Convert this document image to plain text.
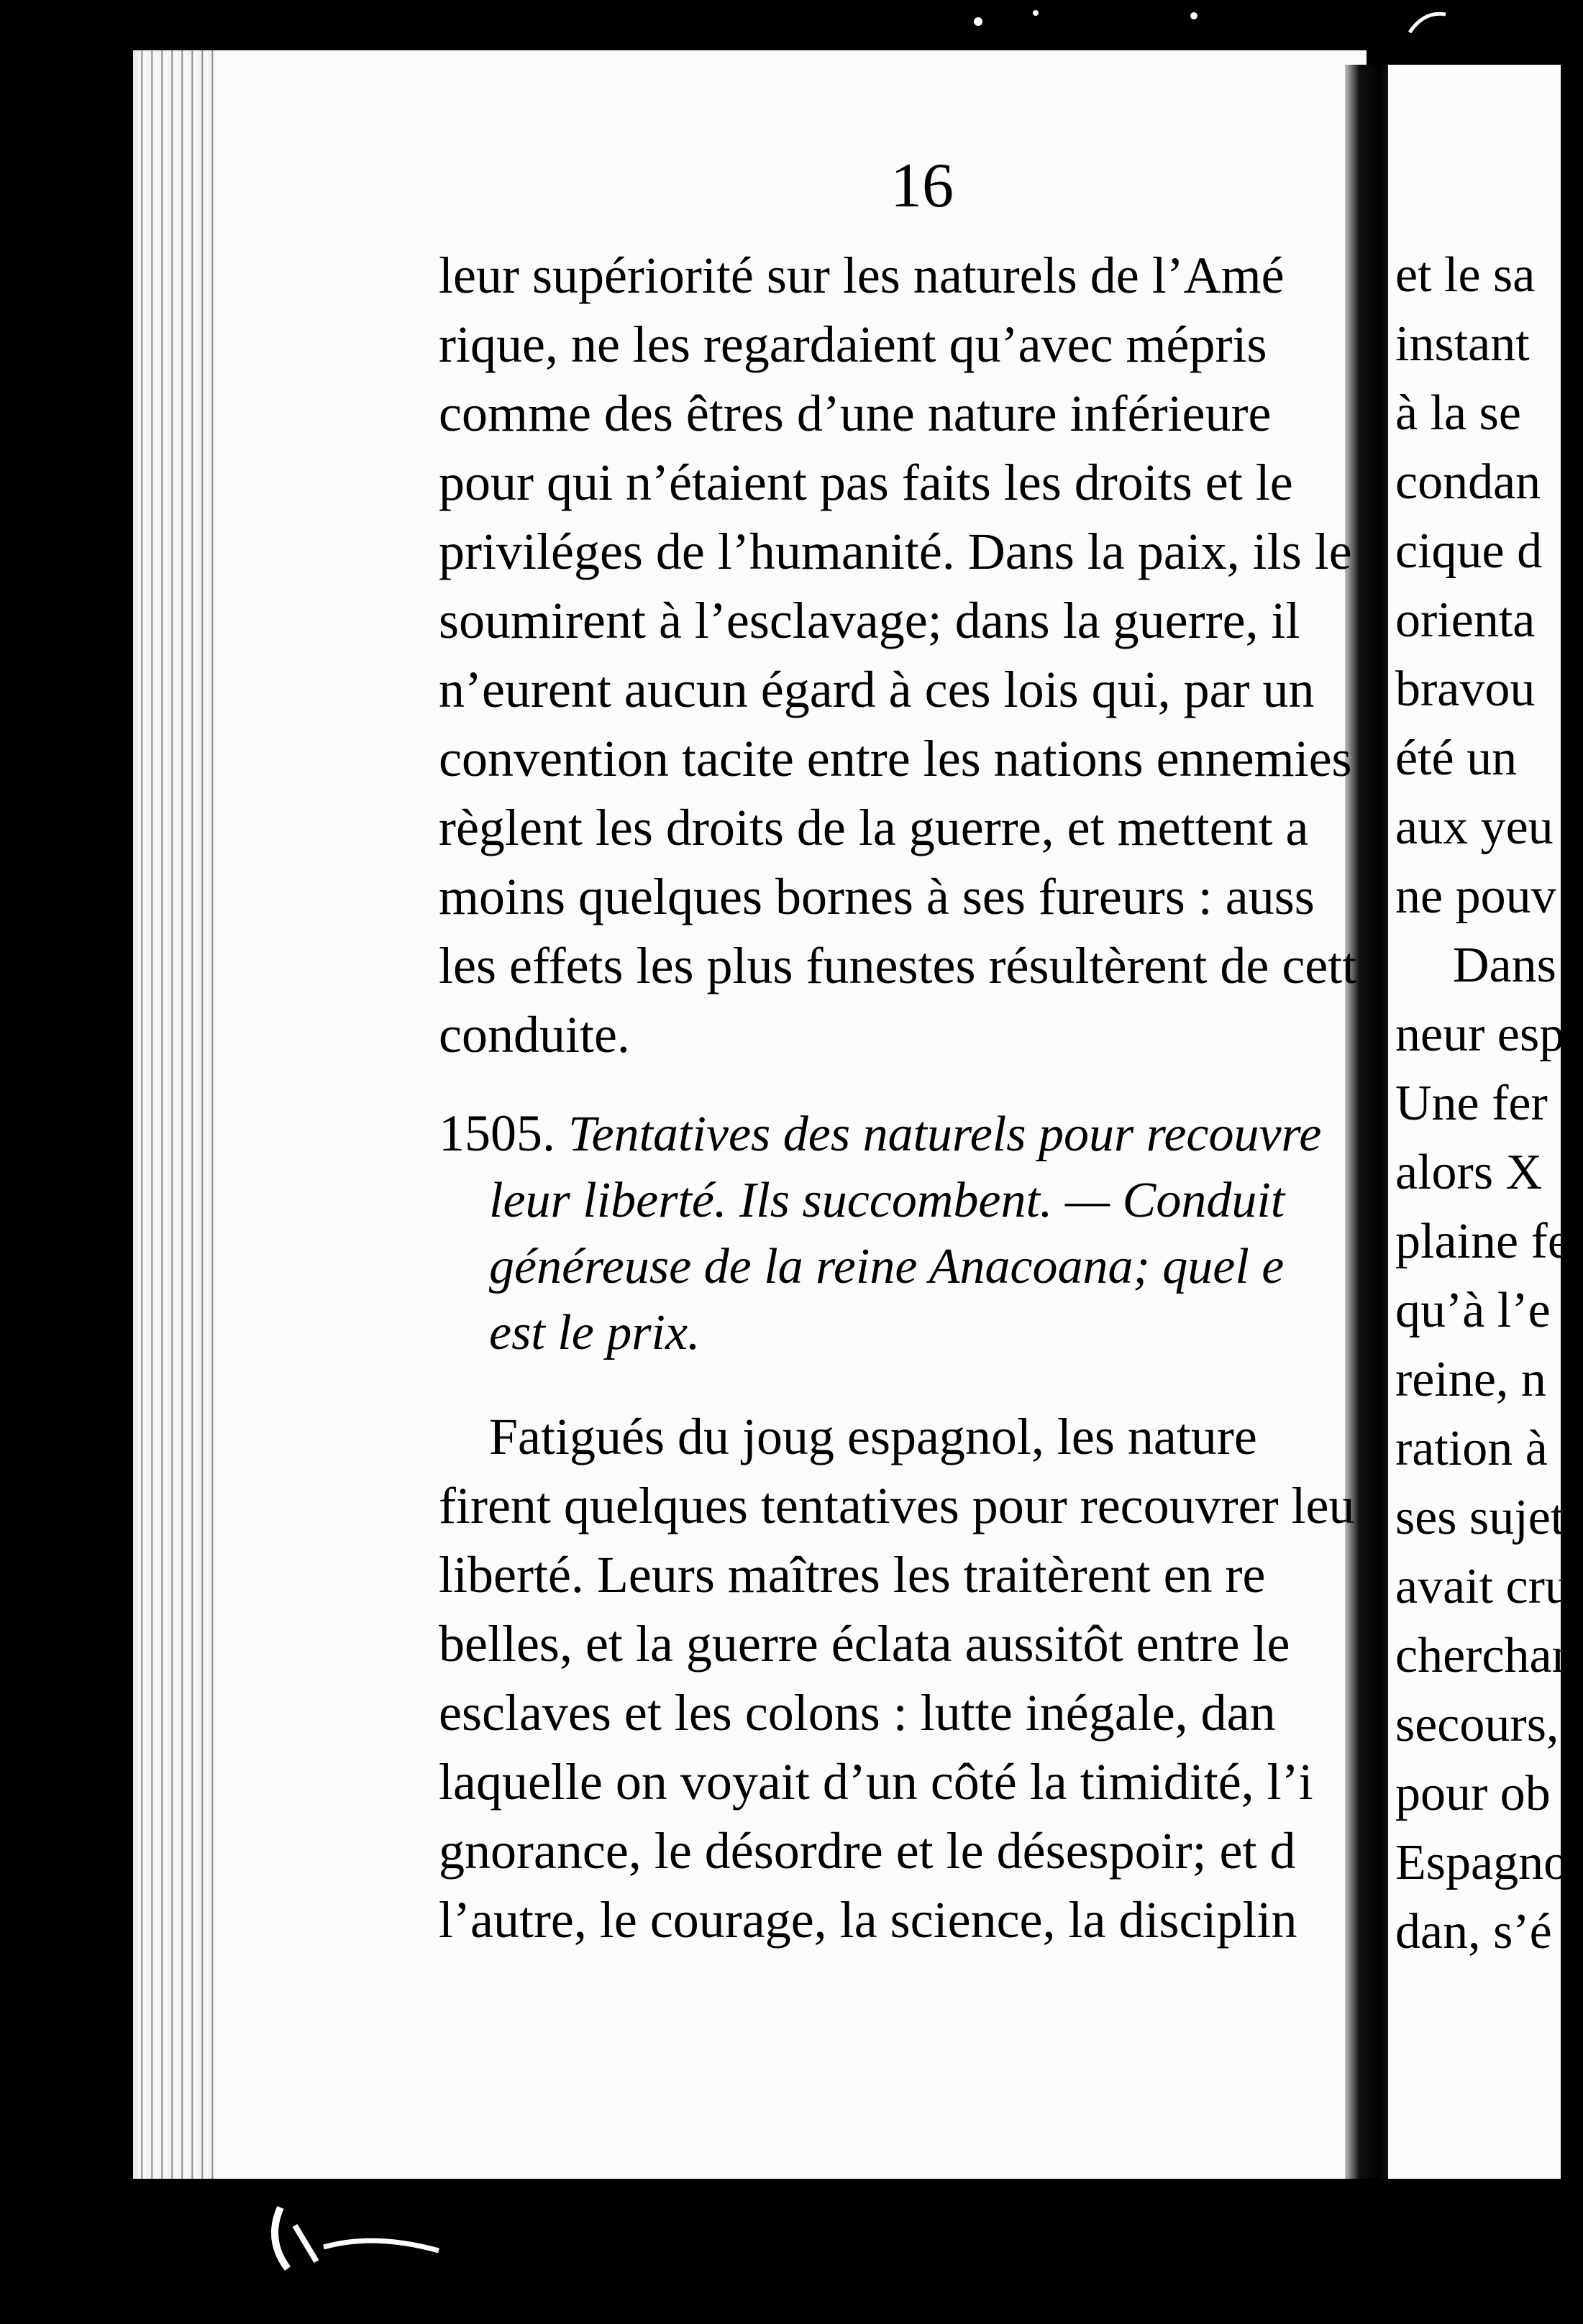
16
leur supériorité sur les naturels de l’Amé
rique, ne les regardaient qu’avec mépris
comme des êtres d’une nature inférieure
pour qui n’étaient pas faits les droits et le
priviléges de l’humanité. Dans la paix, ils le
soumirent à l’esclavage; dans la guerre, il
n’eurent aucun égard à ces lois qui, par un
convention tacite entre les nations ennemies
règlent les droits de la guerre, et mettent a
moins quelques bornes à ses fureurs : auss
les effets les plus funestes résultèrent de cett
conduite.
1505. Tentatives des naturels pour recouvre
leur liberté. Ils succombent. — Conduit
généreuse de la reine Anacoana; quel e
est le prix.
Fatigués du joug espagnol, les nature
firent quelques tentatives pour recouvrer leu
liberté. Leurs maîtres les traitèrent en re
belles, et la guerre éclata aussitôt entre le
esclaves et les colons : lutte inégale, dan
laquelle on voyait d’un côté la timidité, l’i
gnorance, le désordre et le désespoir; et d
l’autre, le courage, la science, la disciplin
et le sa
instant
à la se
condan
cique d
orienta
bravou
été un
aux yeu
ne pouv
Dans
neur esp
Une fer
alors X
plaine fe
qu’à l’e
reine, n
ration à l
ses sujet
avait cru
cherchan
secours,
pour ob
Espagnol
dan, s’é
